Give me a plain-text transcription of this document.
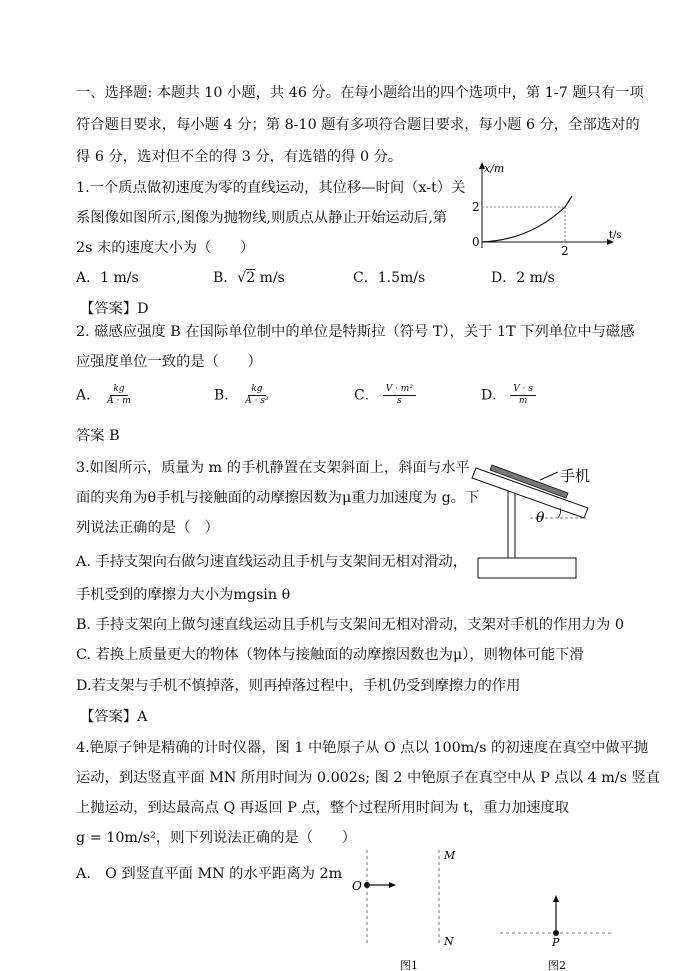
一、选择题: 本题共 10 小题，共 46 分。在每小题给出的四个选项中，第 1-7 题只有一项
符合题目要求，每小题 4 分；第 8-10 题有多项符合题目要求，每小题 6 分，全部选对的
得 6 分，选对但不全的得 3 分，有选错的得 0 分。
1.一个质点做初速度为零的直线运动，其位移—时间（x-t）关
系图像如图所示,图像为抛物线,则质点从静止开始运动后,第
2s 末的速度大小为（　　）
x/m
t/s
0
2
2
A．1 m/s	B．√2 m/s	C．1.5m/s	D．2 m/s
【答案】D
2. 磁感应强度 B 在国际单位制中的单位是特斯拉（符号 T），关于 1T 下列单位中与磁感
应强度单位一致的是（　　）
A． $\frac{kg}{A \cdot m}$	B． $\frac{kg}{\text{A · s²}}$	C． $\frac{\text{V · m²}}{s}$	D． $\frac{V \cdot s}{m}$
答案 B
3.如图所示，质量为 m 的手机静置在支架斜面上，斜面与水平
面的夹角为θ手机与接触面的动摩擦因数为μ重力加速度为 g。下
列说法正确的是（　）
手机
θ
A. 手持支架向右做匀速直线运动且手机与支架间无相对滑动，
手机受到的摩擦力大小为mgsin θ
B. 手持支架向上做匀速直线运动且手机与支架间无相对滑动，支架对手机的作用力为 0
C. 若换上质量更大的物体（物体与接触面的动摩擦因数也为μ），则物体可能下滑
D.若支架与手机不慎掉落，则再掉落过程中，手机仍受到摩擦力的作用
【答案】A
4.铯原子钟是精确的计时仪器，图 1 中铯原子从 O 点以 100m/s 的初速度在真空中做平抛
运动，到达竖直平面 MN 所用时间为 0.002s; 图 2 中铯原子在真空中从 P 点以 4 m/s 竖直
上抛运动，到达最高点 Q 再返回 P 点，整个过程所用时间为 t，重力加速度取
g = 10m/s²，则下列说法正确的是（　　）
A.　O 到竖直平面 MN 的水平距离为 2m
O
M
N
图1
P
图2
